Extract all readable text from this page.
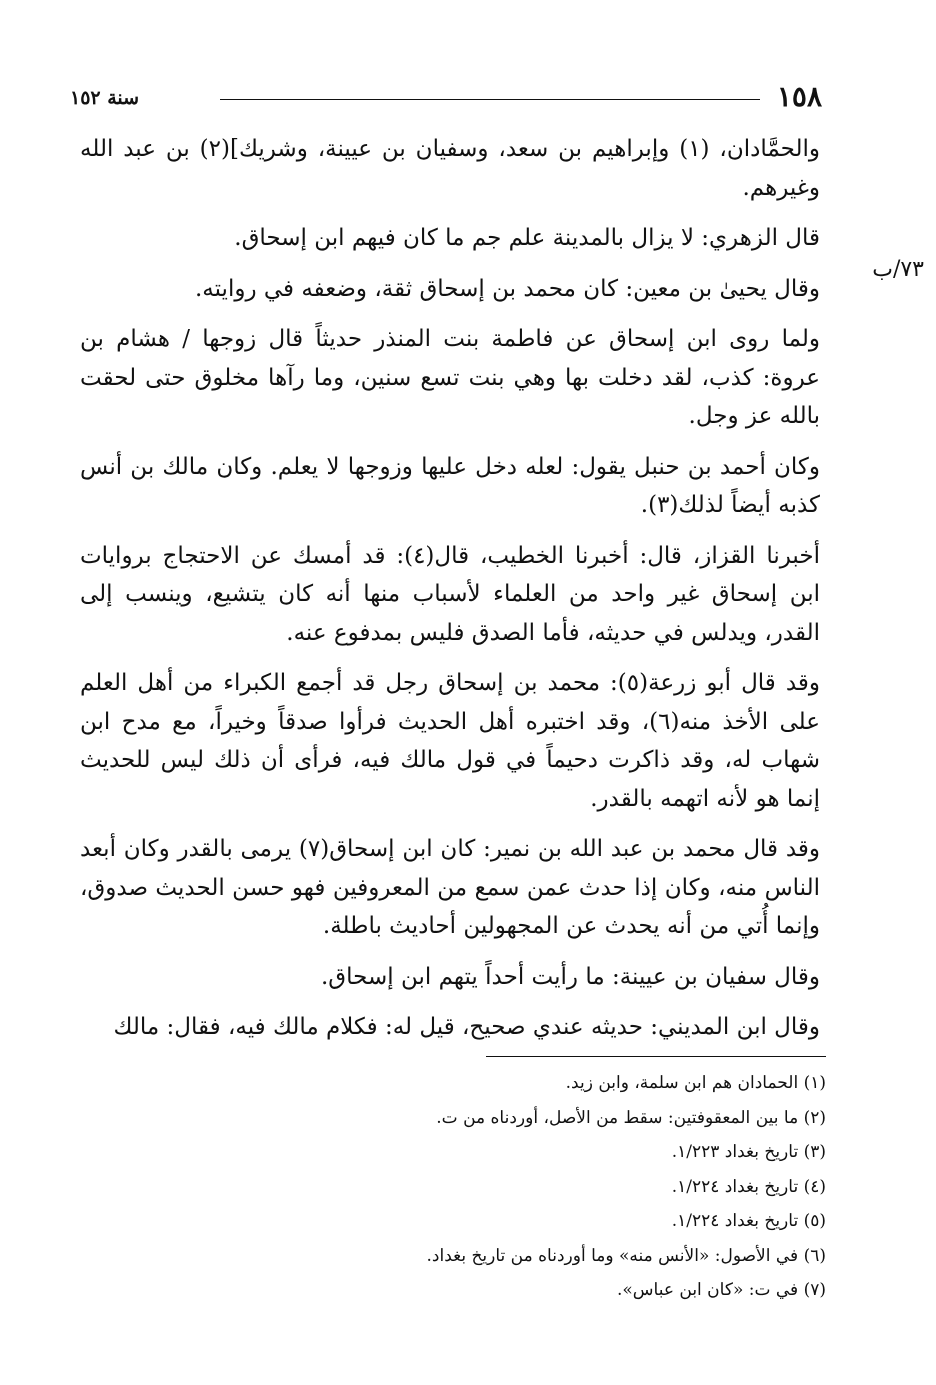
١٥٨
سنة ١٥٢
٧٣/ب

والحمَّادان، (١) وإبراهيم بن سعد، وسفيان بن عيينة، وشريك](٢) بن عبد الله وغيرهم.

قال الزهري: لا يزال بالمدينة علم جم ما كان فيهم ابن إسحاق.

وقال يحيىٰ بن معين: كان محمد بن إسحاق ثقة، وضعفه في روايته.

ولما روى ابن إسحاق عن فاطمة بنت المنذر حديثاً قال زوجها / هشام بن عروة: كذب، لقد دخلت بها وهي بنت تسع سنين، وما رآها مخلوق حتى لحقت بالله عز وجل.

وكان أحمد بن حنبل يقول: لعله دخل عليها وزوجها لا يعلم. وكان مالك بن أنس كذبه أيضاً لذلك(٣).

أخبرنا القزاز، قال: أخبرنا الخطيب، قال(٤): قد أمسك عن الاحتجاج بروايات ابن إسحاق غير واحد من العلماء لأسباب منها أنه كان يتشيع، وينسب إلى القدر، ويدلس في حديثه، فأما الصدق فليس بمدفوع عنه.

وقد قال أبو زرعة(٥): محمد بن إسحاق رجل قد أجمع الكبراء من أهل العلم على الأخذ منه(٦)، وقد اختبره أهل الحديث فرأوا صدقاً وخيراً، مع مدح ابن شهاب له، وقد ذاكرت دحيماً في قول مالك فيه، فرأى أن ذلك ليس للحديث إنما هو لأنه اتهمه بالقدر.

وقد قال محمد بن عبد الله بن نمير: كان ابن إسحاق(٧) يرمى بالقدر وكان أبعد الناس منه، وكان إذا حدث عمن سمع من المعروفين فهو حسن الحديث صدوق، وإنما أُتي من أنه يحدث عن المجهولين أحاديث باطلة.

وقال سفيان بن عيينة: ما رأيت أحداً يتهم ابن إسحاق.

وقال ابن المديني: حديثه عندي صحيح، قيل له: فكلام مالك فيه، فقال: مالك

(١) الحمادان هم ابن سلمة، وابن زيد.

(٢) ما بين المعقوفتين: سقط من الأصل، أوردناه من ت.

(٣) تاريخ بغداد ١/٢٢٣.

(٤) تاريخ بغداد ١/٢٢٤.

(٥) تاريخ بغداد ١/٢٢٤.

(٦) في الأصول: «الأنس منه» وما أوردناه من تاريخ بغداد.

(٧) في ت: «كان ابن عباس».
